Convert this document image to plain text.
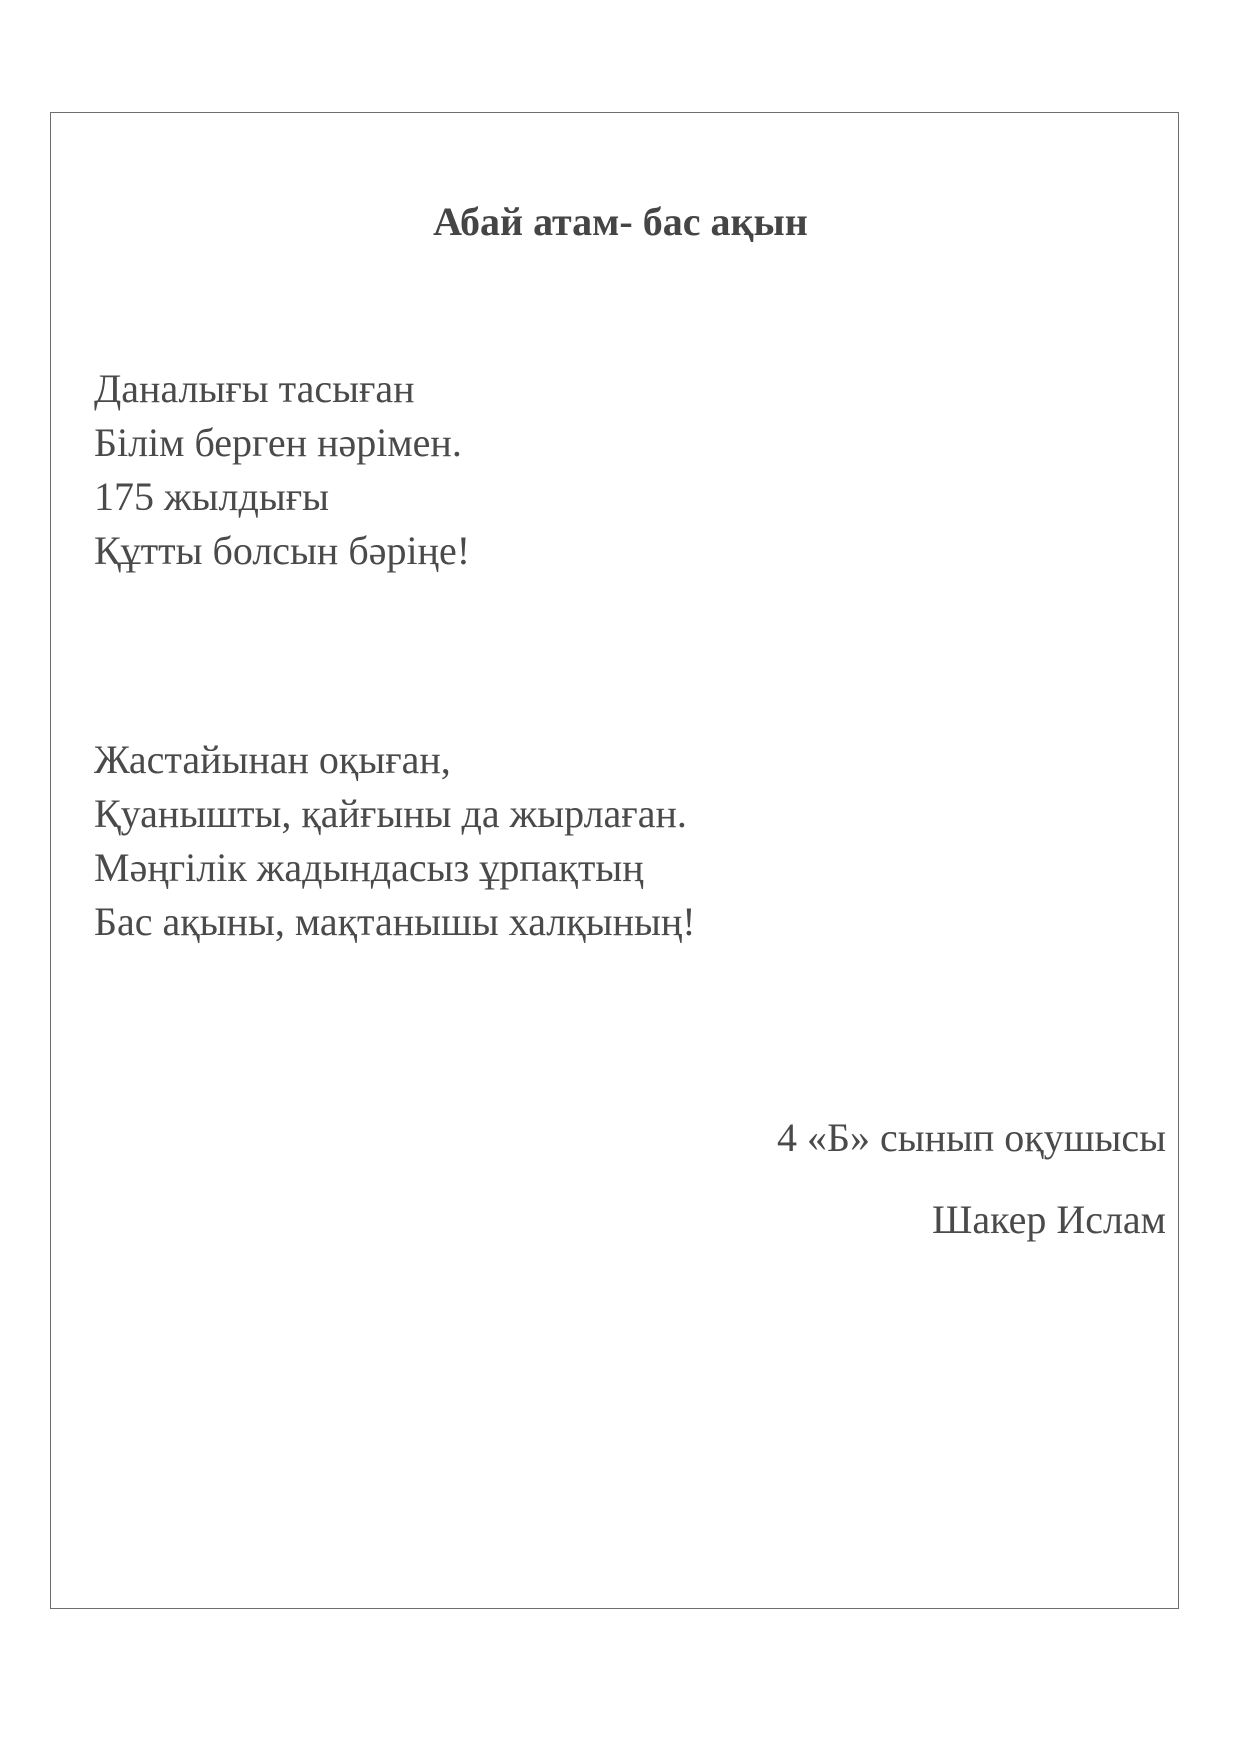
Абай атам- бас ақын
Даналығы тасыған
Білім берген нәрімен.
175 жылдығы
Құтты болсын бәріңе!
Жастайынан оқыған,
Қуанышты, қайғыны да жырлаған.
Мәңгілік жадындасыз ұрпақтың
Бас ақыны, мақтанышы халқының!

4 «Б» сынып оқушысы

Шакер Ислам
